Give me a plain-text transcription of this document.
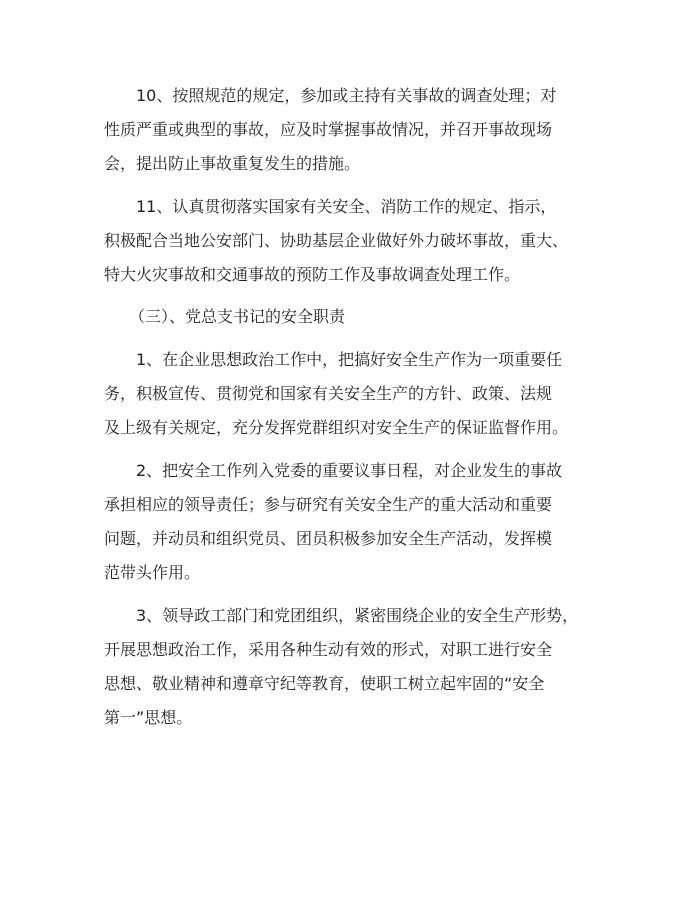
10、按照规范的规定，参加或主持有关事故的调查处理；对
性质严重或典型的事故，应及时掌握事故情况，并召开事故现场
会，提出防止事故重复发生的措施。
11、认真贯彻落实国家有关安全、消防工作的规定、指示，
积极配合当地公安部门、协助基层企业做好外力破坏事故，重大、
特大火灾事故和交通事故的预防工作及事故调查处理工作。
（三）、党总支书记的安全职责
1、在企业思想政治工作中，把搞好安全生产作为一项重要任
务，积极宣传、贯彻党和国家有关安全生产的方针、政策、法规
及上级有关规定，充分发挥党群组织对安全生产的保证监督作用。
2、把安全工作列入党委的重要议事日程，对企业发生的事故
承担相应的领导责任；参与研究有关安全生产的重大活动和重要
问题，并动员和组织党员、团员积极参加安全生产活动，发挥模
范带头作用。
3、领导政工部门和党团组织，紧密围绕企业的安全生产形势，
开展思想政治工作，采用各种生动有效的形式，对职工进行安全
思想、敬业精神和遵章守纪等教育，使职工树立起牢固的“安全
第一”思想。
